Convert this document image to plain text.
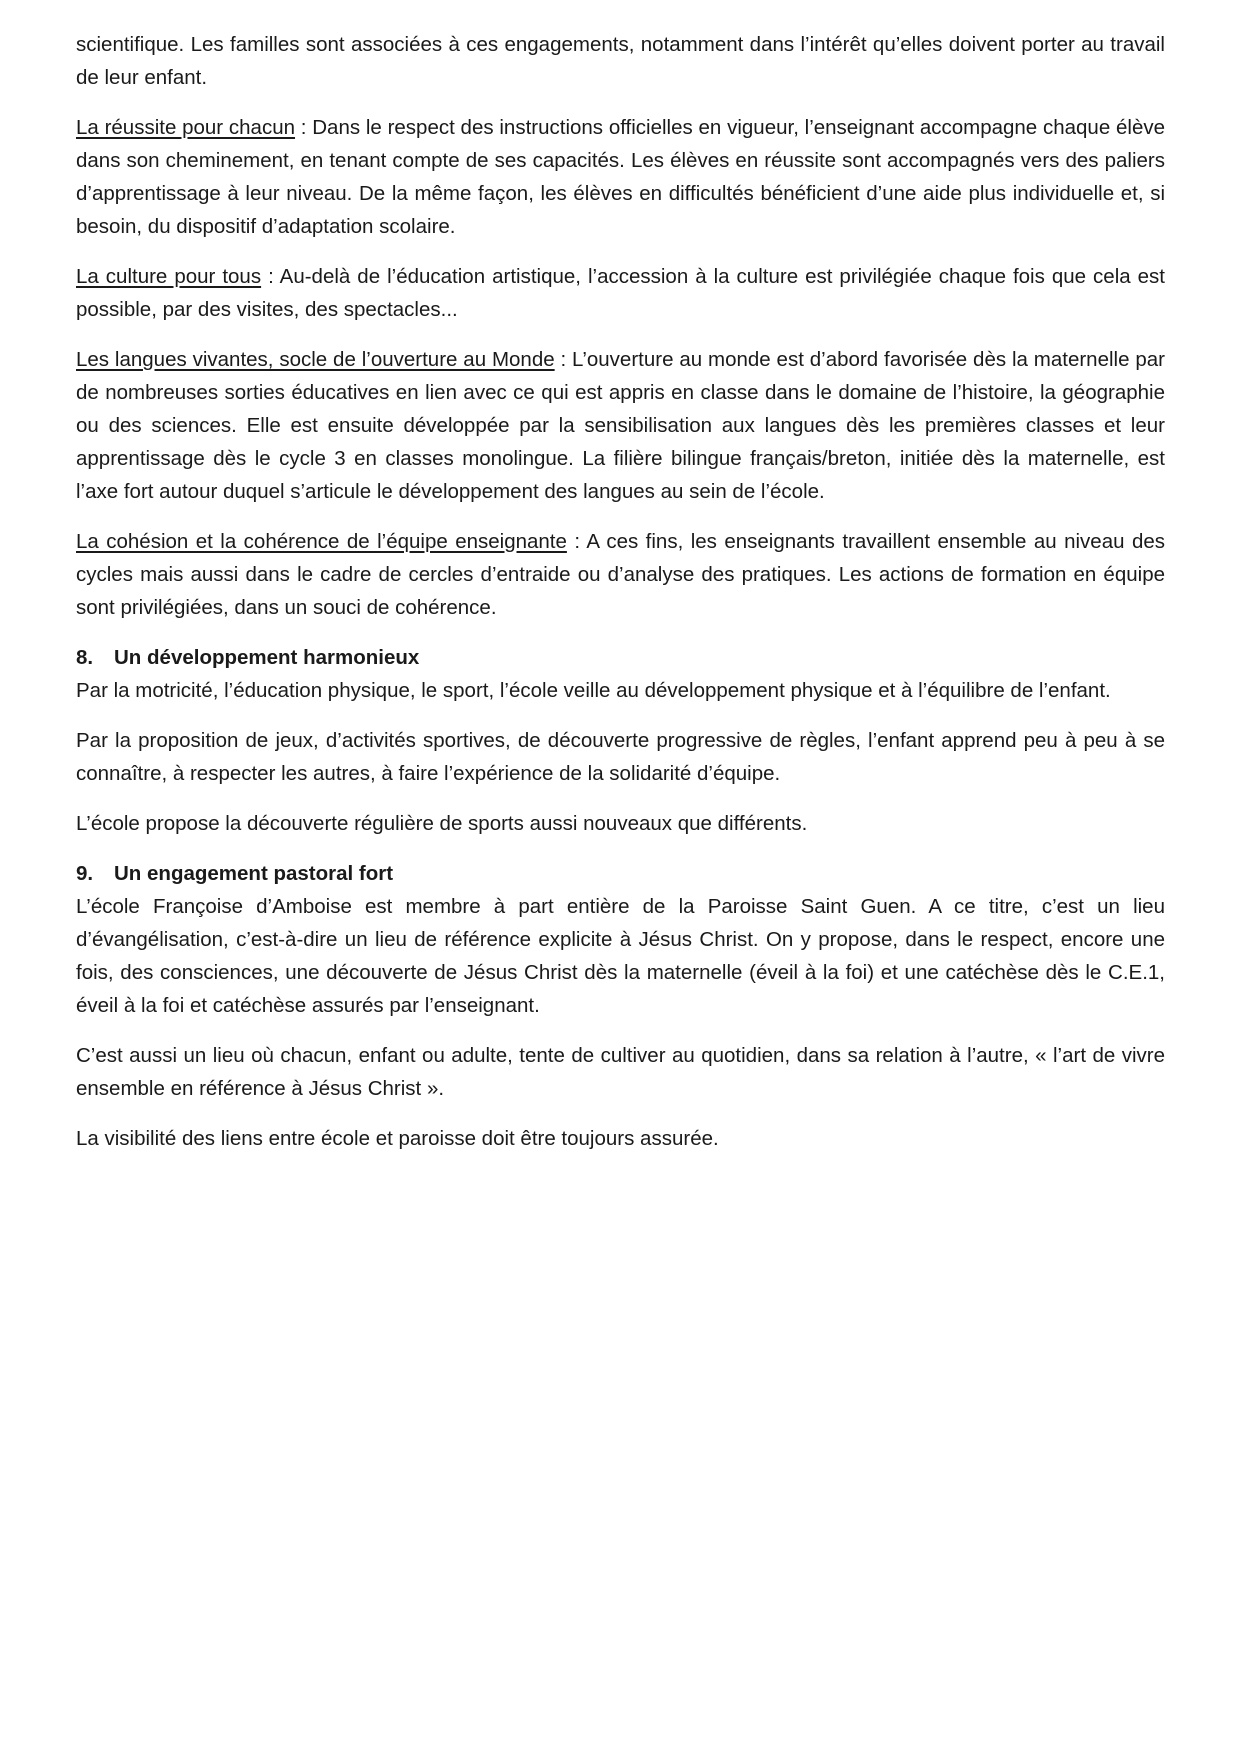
scientifique. Les familles sont associées à ces engagements, notamment dans l’intérêt qu’elles doivent porter au travail de leur enfant.

La réussite pour chacun : Dans le respect des instructions officielles en vigueur, l’enseignant accompagne chaque élève dans son cheminement, en tenant compte de ses capacités. Les élèves en réussite sont accompagnés vers des paliers d’apprentissage à leur niveau. De la même façon, les élèves en difficultés bénéficient d’une aide plus individuelle et, si besoin, du dispositif d’adaptation scolaire.

La culture pour tous : Au-delà de l’éducation artistique, l’accession à la culture est privilégiée chaque fois que cela est possible, par des visites, des spectacles...

Les langues vivantes, socle de l’ouverture au Monde : L’ouverture au monde est d’abord favorisée dès la maternelle par de nombreuses sorties éducatives en lien avec ce qui est appris en classe dans le domaine de l’histoire, la géographie ou des sciences. Elle est ensuite développée par la sensibilisation aux langues dès les premières classes et leur apprentissage dès le cycle 3 en classes monolingue. La filière bilingue français/breton, initiée dès la maternelle, est l’axe fort autour duquel s’articule le développement des langues au sein de l’école.

La cohésion et la cohérence de l’équipe enseignante : A ces fins, les enseignants travaillent ensemble au niveau des cycles mais aussi dans le cadre de cercles d’entraide ou d’analyse des pratiques. Les actions de formation en équipe sont privilégiées, dans un souci de cohérence.

8. Un développement harmonieux

Par la motricité, l’éducation physique, le sport, l’école veille au développement physique et à l’équilibre de l’enfant.

Par la proposition de jeux, d’activités sportives, de découverte progressive de règles, l’enfant apprend peu à peu à se connaître, à respecter les autres, à faire l’expérience de la solidarité d’équipe.

L’école propose la découverte régulière de sports aussi nouveaux que différents.

9. Un engagement pastoral fort

L’école Françoise d’Amboise est membre à part entière de la Paroisse Saint Guen. A ce titre, c’est un lieu d’évangélisation, c’est-à-dire un lieu de référence explicite à Jésus Christ. On y propose, dans le respect, encore une fois, des consciences, une découverte de Jésus Christ dès la maternelle (éveil à la foi) et une catéchèse dès le C.E.1, éveil à la foi et catéchèse assurés par l’enseignant.

C’est aussi un lieu où chacun, enfant ou adulte, tente de cultiver au quotidien, dans sa relation à l’autre, « l’art de vivre ensemble en référence à Jésus Christ ».

La visibilité des liens entre école et paroisse doit être toujours assurée.
